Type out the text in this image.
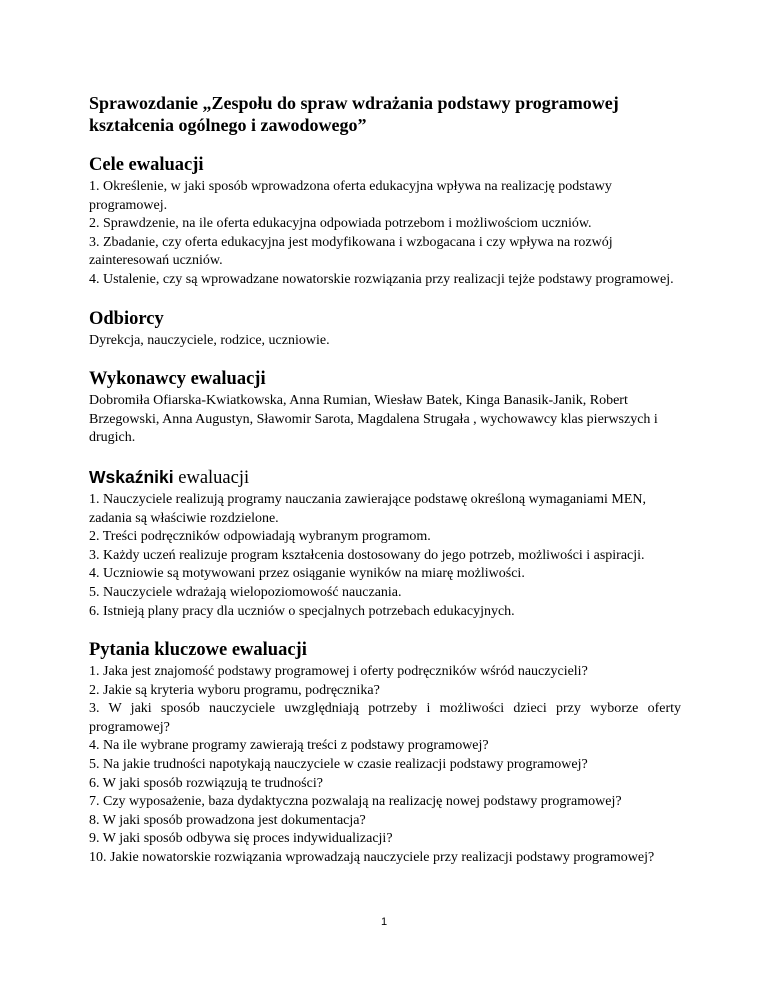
Sprawozdanie „Zespołu do spraw wdrażania podstawy programowej
kształcenia ogólnego i zawodowego”
Cele ewaluacji

1. Określenie, w jaki sposób wprowadzona oferta edukacyjna wpływa na realizację podstawy programowej.
2. Sprawdzenie, na ile oferta edukacyjna odpowiada potrzebom i możliwościom uczniów.
3. Zbadanie, czy oferta edukacyjna jest modyfikowana i wzbogacana i czy wpływa na rozwój zainteresowań uczniów.
4. Ustalenie, czy są wprowadzane nowatorskie rozwiązania przy realizacji tejże podstawy programowej.

Odbiorcy

Dyrekcja, nauczyciele, rodzice, uczniowie.

Wykonawcy ewaluacji

Dobromiła Ofiarska-Kwiatkowska, Anna Rumian, Wiesław Batek, Kinga Banasik-Janik, Robert Brzegowski, Anna Augustyn, Sławomir Sarota, Magdalena Strugała , wychowawcy klas pierwszych i drugich.

Wskaźniki ewaluacji

1. Nauczyciele realizują programy nauczania zawierające podstawę określoną wymaganiami MEN, zadania są właściwie rozdzielone.
2. Treści podręczników odpowiadają wybranym programom.
3. Każdy uczeń realizuje program kształcenia dostosowany do jego potrzeb, możliwości i aspiracji.
4. Uczniowie są motywowani przez osiąganie wyników na miarę możliwości.
5. Nauczyciele wdrażają wielopoziomowość nauczania.
6. Istnieją plany pracy dla uczniów o specjalnych potrzebach edukacyjnych.

Pytania kluczowe ewaluacji

1. Jaka jest znajomość podstawy programowej i oferty podręczników wśród nauczycieli?
2. Jakie są kryteria wyboru programu, podręcznika?
3. W jaki sposób nauczyciele uwzględniają potrzeby i możliwości dzieci przy wyborze oferty programowej?
4. Na ile wybrane programy zawierają treści z podstawy programowej?
5. Na jakie trudności napotykają nauczyciele w czasie realizacji podstawy programowej?
6. W jaki sposób rozwiązują te trudności?
7. Czy wyposażenie, baza dydaktyczna pozwalają na realizację nowej podstawy programowej?
8. W jaki sposób prowadzona jest dokumentacja?
9. W jaki sposób odbywa się proces indywidualizacji?
10. Jakie nowatorskie rozwiązania wprowadzają nauczyciele przy realizacji podstawy programowej?

1
